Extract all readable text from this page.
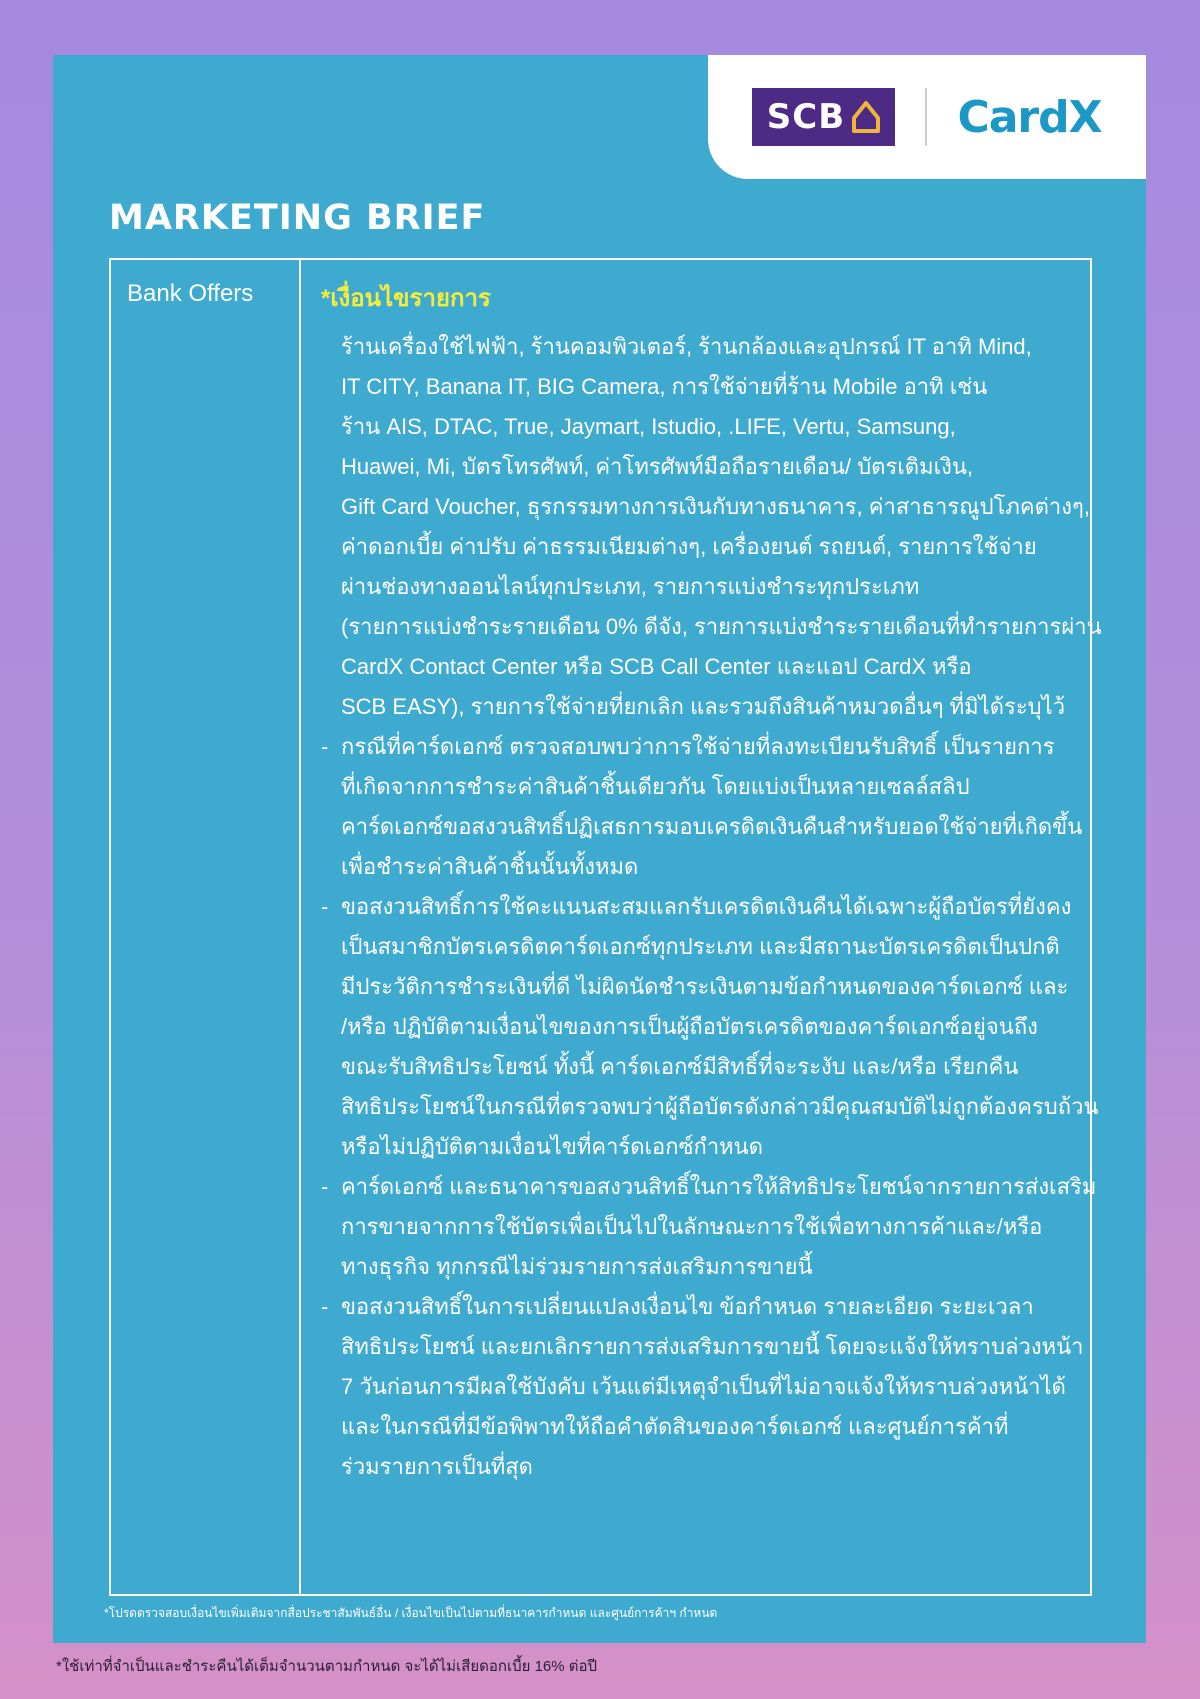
SCB	CardX
MARKETING BRIEF
Bank Offers	*เงื่อนไขรายการ
ร้านเครื่องใช้ไฟฟ้า, ร้านคอมพิวเตอร์, ร้านกล้องและอุปกรณ์ IT อาทิ Mind,
IT CITY, Banana IT, BIG Camera, การใช้จ่ายที่ร้าน Mobile อาทิ เช่น
ร้าน AIS, DTAC, True, Jaymart, Istudio, .LIFE, Vertu, Samsung,
Huawei, Mi, บัตรโทรศัพท์, ค่าโทรศัพท์มือถือรายเดือน/ บัตรเติมเงิน,
Gift Card Voucher, ธุรกรรมทางการเงินกับทางธนาคาร, ค่าสาธารณูปโภคต่างๆ,
ค่าดอกเบี้ย ค่าปรับ ค่าธรรมเนียมต่างๆ, เครื่องยนต์ รถยนต์, รายการใช้จ่าย
ผ่านช่องทางออนไลน์ทุกประเภท, รายการแบ่งชำระทุกประเภท
(รายการแบ่งชำระรายเดือน 0% ดีจัง, รายการแบ่งชำระรายเดือนที่ทำรายการผ่าน
CardX Contact Center หรือ SCB Call Center และแอป CardX หรือ
SCB EASY), รายการใช้จ่ายที่ยกเลิก และรวมถึงสินค้าหมวดอื่นๆ ที่มิได้ระบุไว้
- กรณีที่คาร์ดเอกซ์ ตรวจสอบพบว่าการใช้จ่ายที่ลงทะเบียนรับสิทธิ์ เป็นรายการ
ที่เกิดจากการชำระค่าสินค้าชิ้นเดียวกัน โดยแบ่งเป็นหลายเซลล์สลิป
คาร์ดเอกซ์ขอสงวนสิทธิ์ปฏิเสธการมอบเครดิตเงินคืนสำหรับยอดใช้จ่ายที่เกิดขึ้น
เพื่อชำระค่าสินค้าชิ้นนั้นทั้งหมด
- ขอสงวนสิทธิ์การใช้คะแนนสะสมแลกรับเครดิตเงินคืนได้เฉพาะผู้ถือบัตรที่ยังคง
เป็นสมาชิกบัตรเครดิตคาร์ดเอกซ์ทุกประเภท และมีสถานะบัตรเครดิตเป็นปกติ
มีประวัติการชำระเงินที่ดี ไม่ผิดนัดชำระเงินตามข้อกำหนดของคาร์ดเอกซ์ และ
/หรือ ปฏิบัติตามเงื่อนไขของการเป็นผู้ถือบัตรเครดิตของคาร์ดเอกซ์อยู่จนถึง
ขณะรับสิทธิประโยชน์ ทั้งนี้ คาร์ดเอกซ์มีสิทธิ์ที่จะระงับ และ/หรือ เรียกคืน
สิทธิประโยชน์ในกรณีที่ตรวจพบว่าผู้ถือบัตรดังกล่าวมีคุณสมบัติไม่ถูกต้องครบถ้วน
หรือไม่ปฏิบัติตามเงื่อนไขที่คาร์ดเอกซ์กำหนด
- คาร์ดเอกซ์ และธนาคารขอสงวนสิทธิ์ในการให้สิทธิประโยชน์จากรายการส่งเสริม
การขายจากการใช้บัตรเพื่อเป็นไปในลักษณะการใช้เพื่อทางการค้าและ/หรือ
ทางธุรกิจ ทุกกรณีไม่ร่วมรายการส่งเสริมการขายนี้
- ขอสงวนสิทธิ์ในการเปลี่ยนแปลงเงื่อนไข ข้อกำหนด รายละเอียด ระยะเวลา
สิทธิประโยชน์ และยกเลิกรายการส่งเสริมการขายนี้ โดยจะแจ้งให้ทราบล่วงหน้า
7 วันก่อนการมีผลใช้บังคับ เว้นแต่มีเหตุจำเป็นที่ไม่อาจแจ้งให้ทราบล่วงหน้าได้
และในกรณีที่มีข้อพิพาทให้ถือคำตัดสินของคาร์ดเอกซ์ และศูนย์การค้าที่
ร่วมรายการเป็นที่สุด
*โปรดตรวจสอบเงื่อนไขเพิ่มเติมจากสื่อประชาสัมพันธ์อื่น / เงื่อนไขเป็นไปตามที่ธนาคารกำหนด และศูนย์การค้าฯ กำหนด
*ใช้เท่าที่จำเป็นและชำระคืนได้เต็มจำนวนตามกำหนด จะได้ไม่เสียดอกเบี้ย 16% ต่อปี
